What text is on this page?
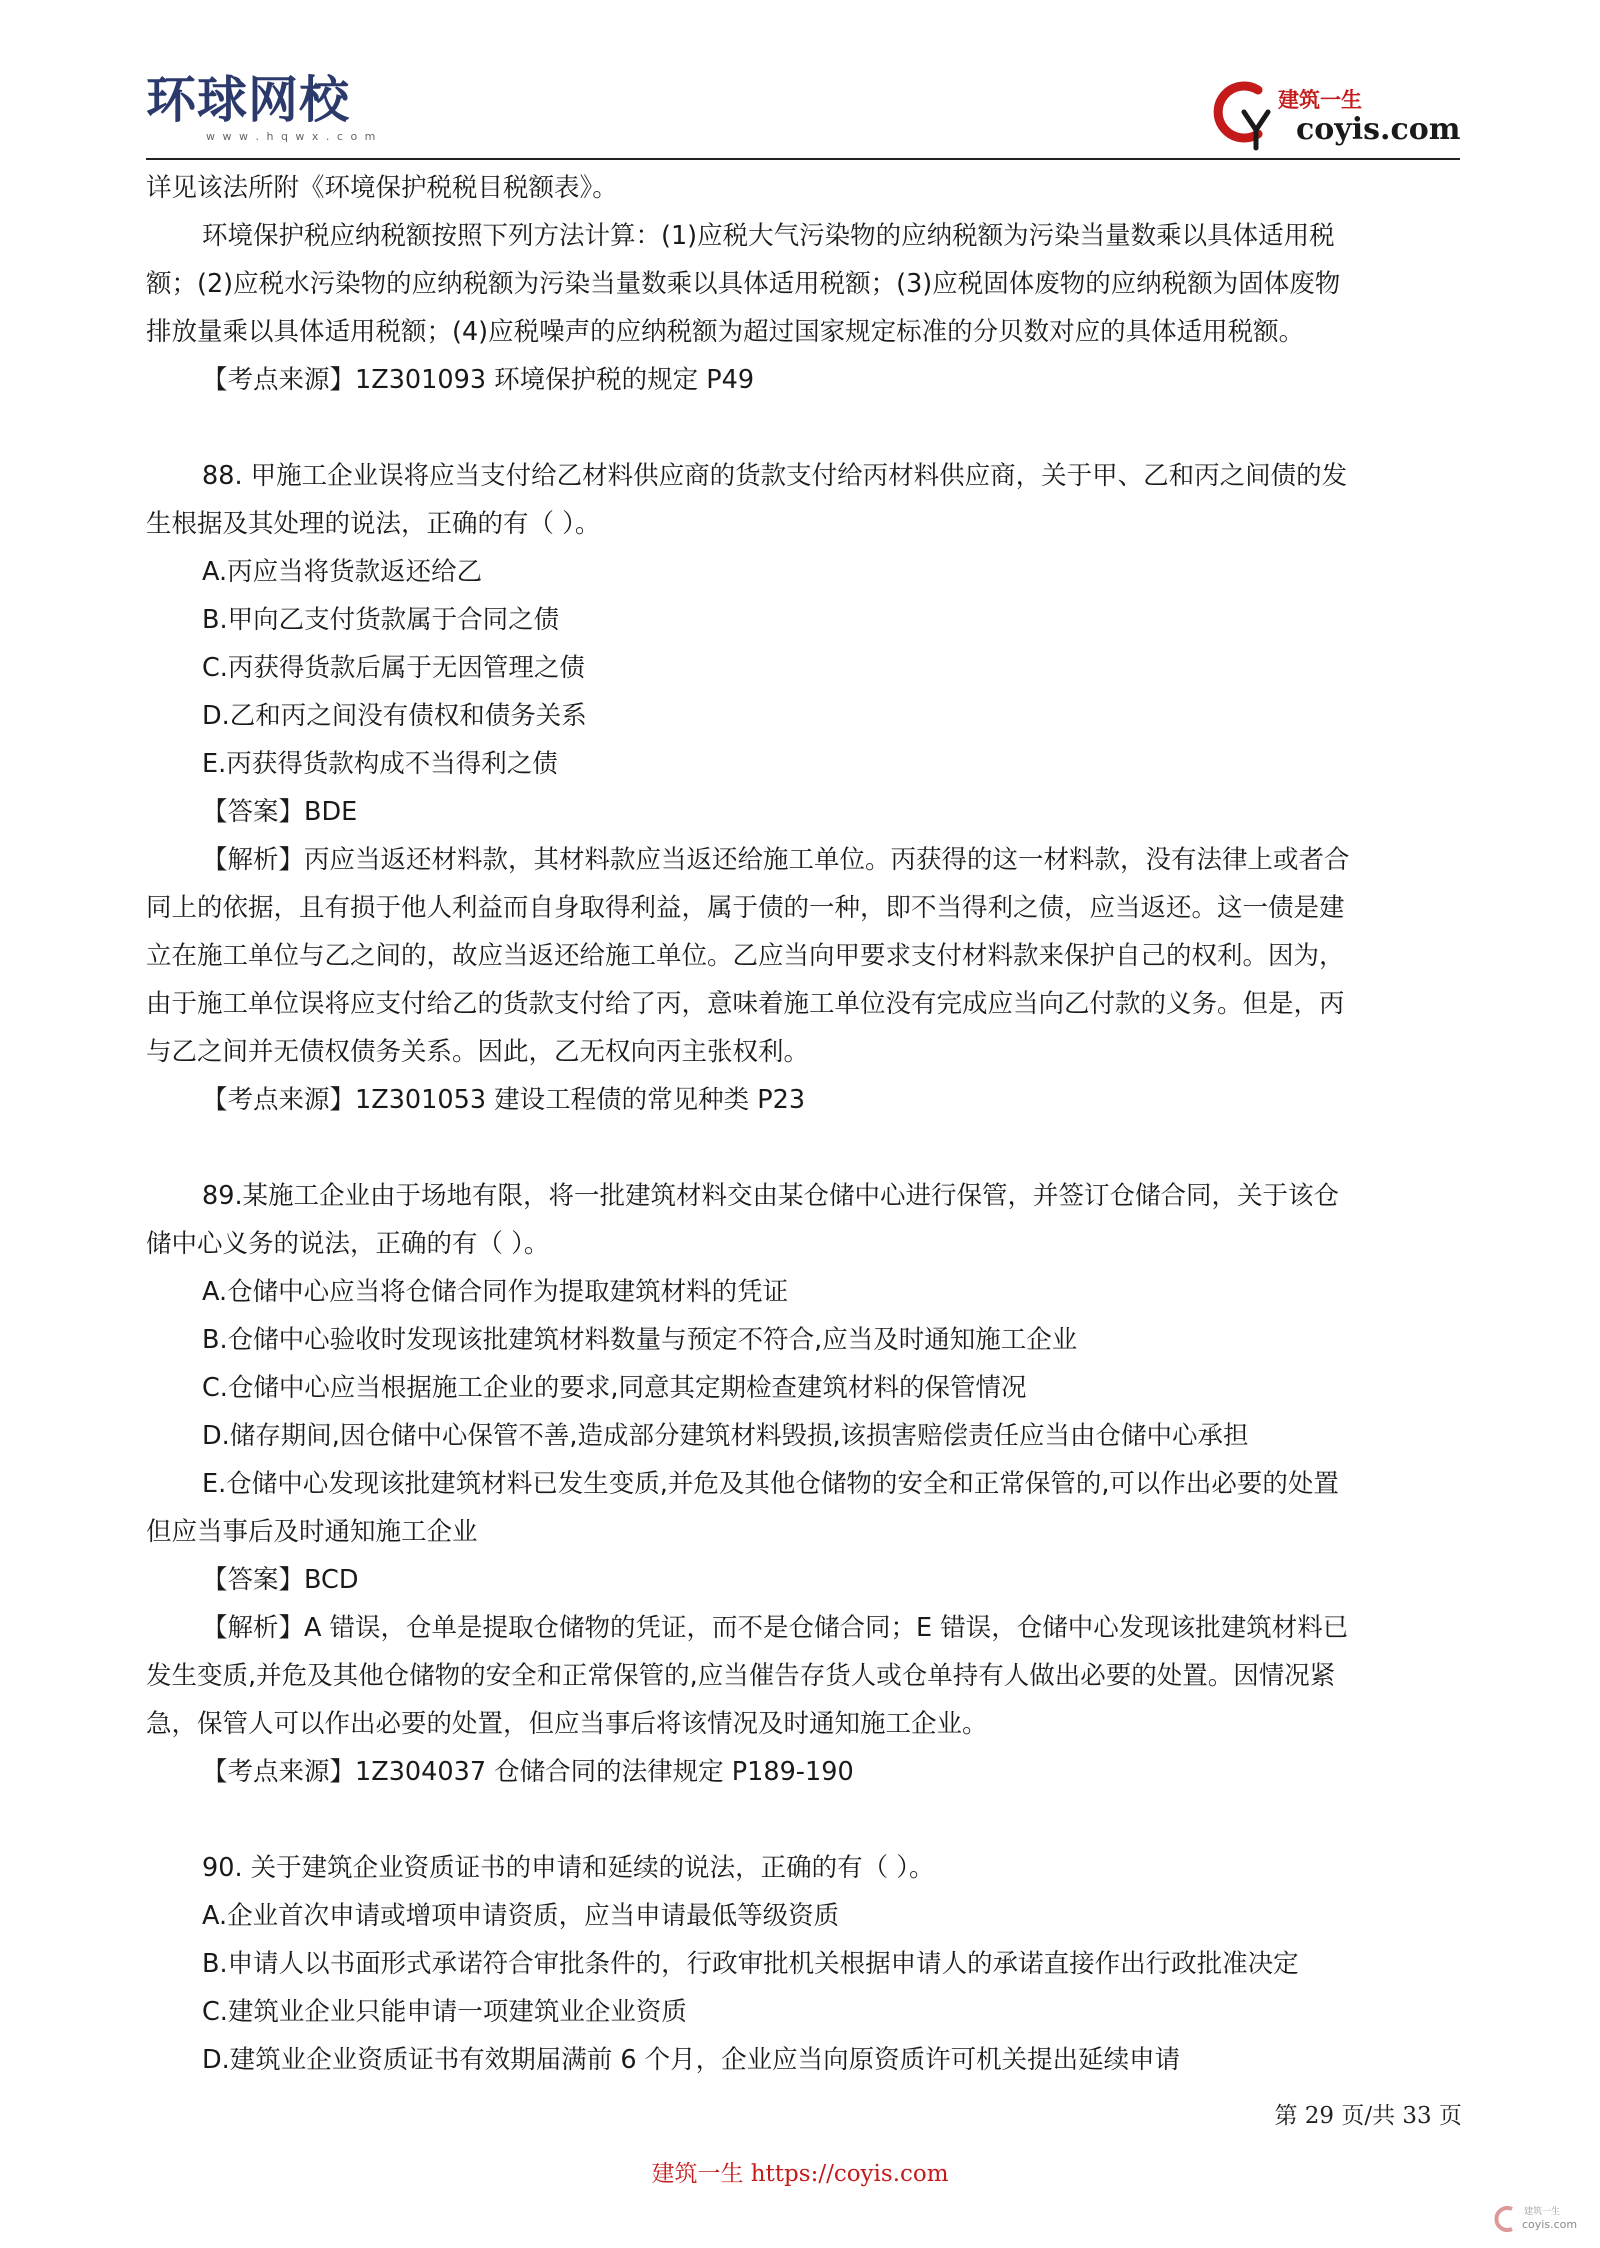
环球网校
w w w . h q w x . c o m
建筑一生
coyis.com
详见该法所附《环境保护税税目税额表》。
环境保护税应纳税额按照下列方法计算：(1)应税大气污染物的应纳税额为污染当量数乘以具体适用税
额；(2)应税水污染物的应纳税额为污染当量数乘以具体适用税额；(3)应税固体废物的应纳税额为固体废物
排放量乘以具体适用税额；(4)应税噪声的应纳税额为超过国家规定标准的分贝数对应的具体适用税额。
【考点来源】1Z301093 环境保护税的规定 P49
88. 甲施工企业误将应当支付给乙材料供应商的货款支付给丙材料供应商，关于甲、乙和丙之间债的发
生根据及其处理的说法，正确的有（ ）。
A.丙应当将货款返还给乙
B.甲向乙支付货款属于合同之债
C.丙获得货款后属于无因管理之债
D.乙和丙之间没有债权和债务关系
E.丙获得货款构成不当得利之债
【答案】BDE
【解析】丙应当返还材料款，其材料款应当返还给施工单位。丙获得的这一材料款，没有法律上或者合
同上的依据，且有损于他人利益而自身取得利益，属于债的一种，即不当得利之债，应当返还。这一债是建
立在施工单位与乙之间的，故应当返还给施工单位。乙应当向甲要求支付材料款来保护自己的权利。因为，
由于施工单位误将应支付给乙的货款支付给了丙，意味着施工单位没有完成应当向乙付款的义务。但是，丙
与乙之间并无债权债务关系。因此，乙无权向丙主张权利。
【考点来源】1Z301053 建设工程债的常见种类 P23
89.某施工企业由于场地有限，将一批建筑材料交由某仓储中心进行保管，并签订仓储合同，关于该仓
储中心义务的说法，正确的有（ ）。
A.仓储中心应当将仓储合同作为提取建筑材料的凭证
B.仓储中心验收时发现该批建筑材料数量与预定不符合,应当及时通知施工企业
C.仓储中心应当根据施工企业的要求,同意其定期检查建筑材料的保管情况
D.储存期间,因仓储中心保管不善,造成部分建筑材料毁损,该损害赔偿责任应当由仓储中心承担
E.仓储中心发现该批建筑材料已发生变质,并危及其他仓储物的安全和正常保管的,可以作出必要的处置
但应当事后及时通知施工企业
【答案】BCD
【解析】A 错误，仓单是提取仓储物的凭证，而不是仓储合同；E 错误，仓储中心发现该批建筑材料已
发生变质,并危及其他仓储物的安全和正常保管的,应当催告存货人或仓单持有人做出必要的处置。因情况紧
急，保管人可以作出必要的处置，但应当事后将该情况及时通知施工企业。
【考点来源】1Z304037 仓储合同的法律规定 P189-190
90. 关于建筑企业资质证书的申请和延续的说法，正确的有（ ）。
A.企业首次申请或增项申请资质，应当申请最低等级资质
B.申请人以书面形式承诺符合审批条件的，行政审批机关根据申请人的承诺直接作出行政批准决定
C.建筑业企业只能申请一项建筑业企业资质
D.建筑业企业资质证书有效期届满前 6 个月，企业应当向原资质许可机关提出延续申请
第 29 页/共 33 页
建筑一生 https://coyis.com
建筑一生
coyis.com
